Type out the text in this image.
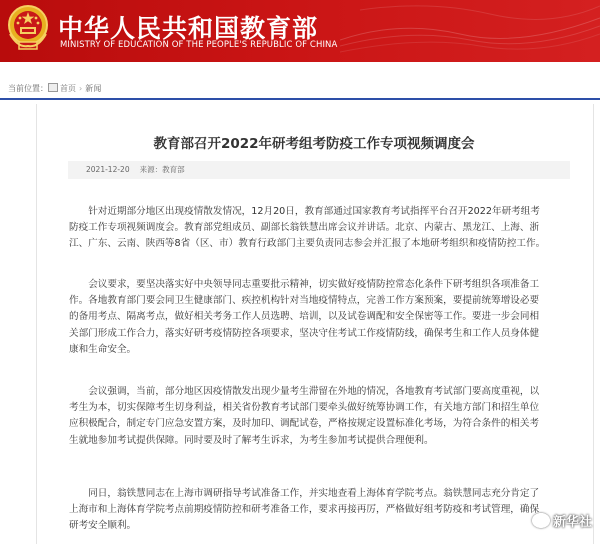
中华人民共和国教育部
MINISTRY OF EDUCATION OF THE PEOPLE'S REPUBLIC OF CHINA
当前位置： 首页 › 新闻
教育部召开2022年研考组考防疫工作专项视频调度会
2021-12-20 来源：教育部

针对近期部分地区出现疫情散发情况，12月20日，教育部通过国家教育考试指挥平台召开2022年研考组考防疫工作专项视频调度会。教育部党组成员、副部长翁铁慧出席会议并讲话。北京、内蒙古、黑龙江、上海、浙江、广东、云南、陕西等8省（区、市）教育行政部门主要负责同志参会并汇报了本地研考组织和疫情防控工作。

会议要求，要坚决落实好中央领导同志重要批示精神，切实做好疫情防控常态化条件下研考组织各项准备工作。各地教育部门要会同卫生健康部门、疾控机构针对当地疫情特点，完善工作方案预案，要提前统筹增设必要的备用考点、隔离考点，做好相关考务工作人员选聘、培训，以及试卷调配和安全保密等工作。要进一步会同相关部门形成工作合力，落实好研考疫情防控各项要求，坚决守住考试工作疫情防线，确保考生和工作人员身体健康和生命安全。

会议强调，当前，部分地区因疫情散发出现少量考生滞留在外地的情况，各地教育考试部门要高度重视，以考生为本，切实保障考生切身利益，相关省份教育考试部门要牵头做好统筹协调工作，有关地方部门和招生单位应积极配合，制定专门应急安置方案，及时加印、调配试卷，严格按规定设置标准化考场，为符合条件的相关考生就地参加考试提供保障。同时要及时了解考生诉求，为考生参加考试提供合理便利。

同日，翁铁慧同志在上海市调研指导考试准备工作，并实地查看上海体育学院考点。翁铁慧同志充分肯定了上海市和上海体育学院考点前期疫情防控和研考准备工作，要求再接再厉，严格做好组考防疫和考试管理，确保研考安全顺利。	新华社
